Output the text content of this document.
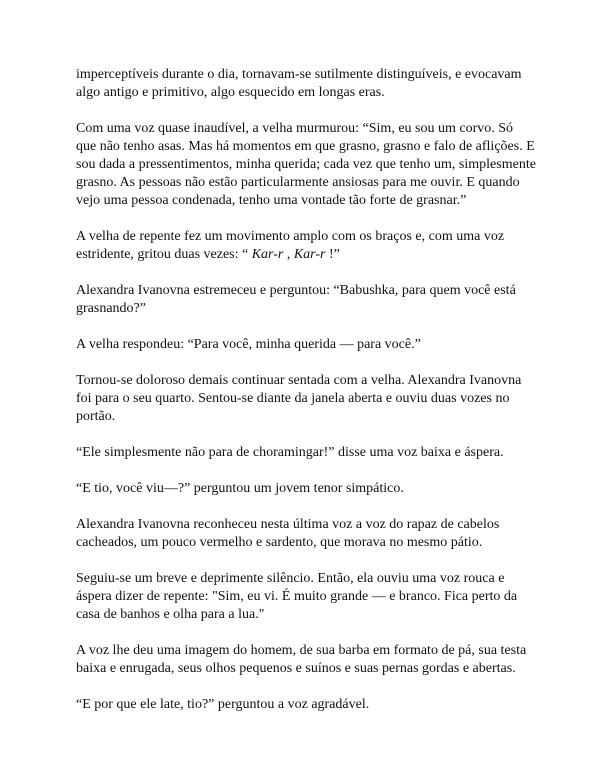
imperceptíveis durante o dia, tornavam-se sutilmente distinguíveis, e evocavam algo antigo e primitivo, algo esquecido em longas eras.

Com uma voz quase inaudível, a velha murmurou: “Sim, eu sou um corvo. Só que não tenho asas. Mas há momentos em que grasno, grasno e falo de aflições. E sou dada a pressentimentos, minha querida; cada vez que tenho um, simplesmente grasno. As pessoas não estão particularmente ansiosas para me ouvir. E quando vejo uma pessoa condenada, tenho uma vontade tão forte de grasnar.”

A velha de repente fez um movimento amplo com os braços e, com uma voz estridente, gritou duas vezes: “ Kar-r , Kar-r !”

Alexandra Ivanovna estremeceu e perguntou: “Babushka, para quem você está grasnando?”

A velha respondeu: “Para você, minha querida — para você.”

Tornou-se doloroso demais continuar sentada com a velha. Alexandra Ivanovna foi para o seu quarto. Sentou-se diante da janela aberta e ouviu duas vozes no portão.

“Ele simplesmente não para de choramingar!” disse uma voz baixa e áspera.

“E tio, você viu—?” perguntou um jovem tenor simpático.

Alexandra Ivanovna reconheceu nesta última voz a voz do rapaz de cabelos cacheados, um pouco vermelho e sardento, que morava no mesmo pátio.

Seguiu-se um breve e deprimente silêncio. Então, ela ouviu uma voz rouca e áspera dizer de repente: "Sim, eu vi. É muito grande — e branco. Fica perto da casa de banhos e olha para a lua."

A voz lhe deu uma imagem do homem, de sua barba em formato de pá, sua testa baixa e enrugada, seus olhos pequenos e suínos e suas pernas gordas e abertas.

“E por que ele late, tio?” perguntou a voz agradável.
